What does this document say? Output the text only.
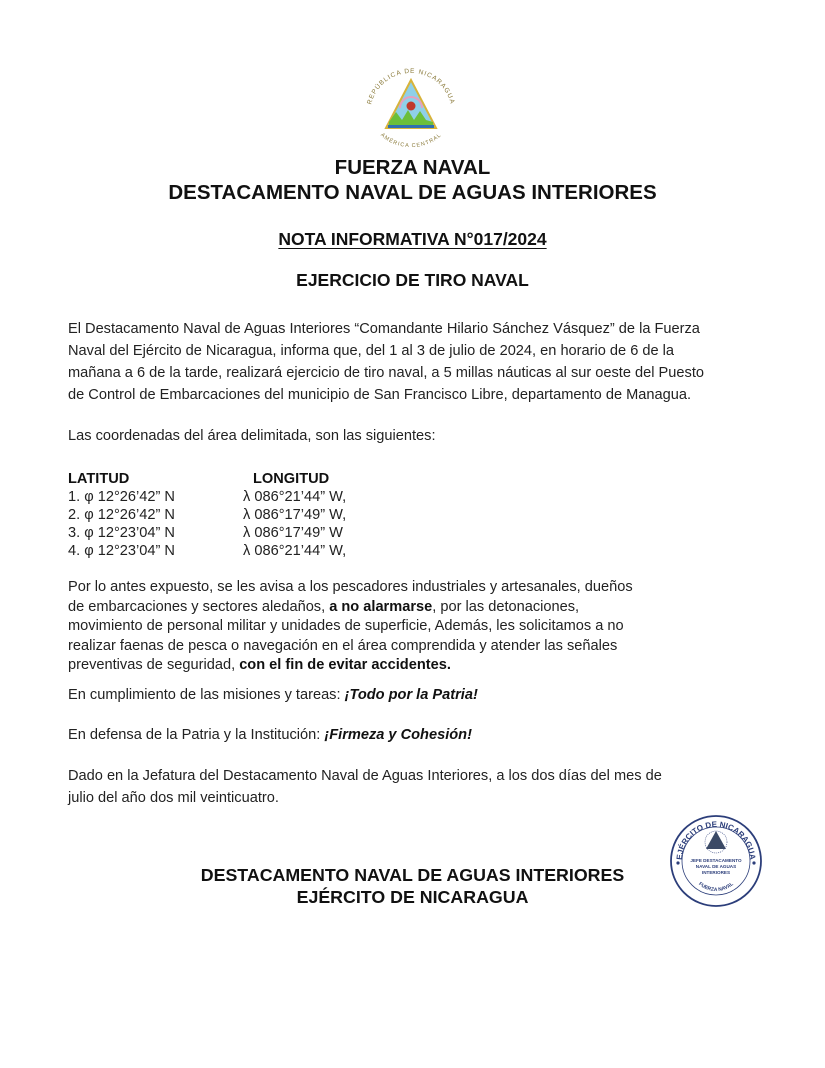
REPÚBLICA DE NICARAGUA
AMÉRICA CENTRAL
FUERZA NAVAL
DESTACAMENTO NAVAL DE AGUAS INTERIORES
NOTA INFORMATIVA N°017/2024
EJERCICIO DE TIRO NAVAL
El Destacamento Naval de Aguas Interiores “Comandante Hilario Sánchez Vásquez” de la Fuerza
Naval del Ejército de Nicaragua, informa que, del 1 al 3 de julio de 2024, en horario de 6 de la
mañana a 6 de la tarde, realizará ejercicio de tiro naval, a 5 millas náuticas al sur oeste del Puesto
de Control de Embarcaciones del municipio de San Francisco Libre, departamento de Managua.
Las coordenadas del área delimitada, son las siguientes:
LATITUD	LONGITUD
1. φ 12°26’42” N	λ 086°21’44” W,
2. φ 12°26’42” N	λ 086°17’49” W,
3. φ 12°23’04” N	λ 086°17’49” W
4. φ 12°23’04” N	λ 086°21’44” W,
Por lo antes expuesto, se les avisa a los pescadores industriales y artesanales, dueños
de embarcaciones y sectores aledaños, a no alarmarse, por las detonaciones,
movimiento de personal militar y unidades de superficie, Además, les solicitamos a no
realizar faenas de pesca o navegación en el área comprendida y atender las señales
preventivas de seguridad, con el fin de evitar accidentes.
En cumplimiento de las misiones y tareas: ¡Todo por la Patria!
En defensa de la Patria y la Institución: ¡Firmeza y Cohesión!
Dado en la Jefatura del Destacamento Naval de Aguas Interiores, a los dos días del mes de
julio del año dos mil veinticuatro.
EJÉRCITO DE NICARAGUA
JEFE DESTACAMENTO
NAVAL DE AGUAS
INTERIORES
FUERZA NAVAL
DESTACAMENTO NAVAL DE AGUAS INTERIORES
EJÉRCITO DE NICARAGUA
